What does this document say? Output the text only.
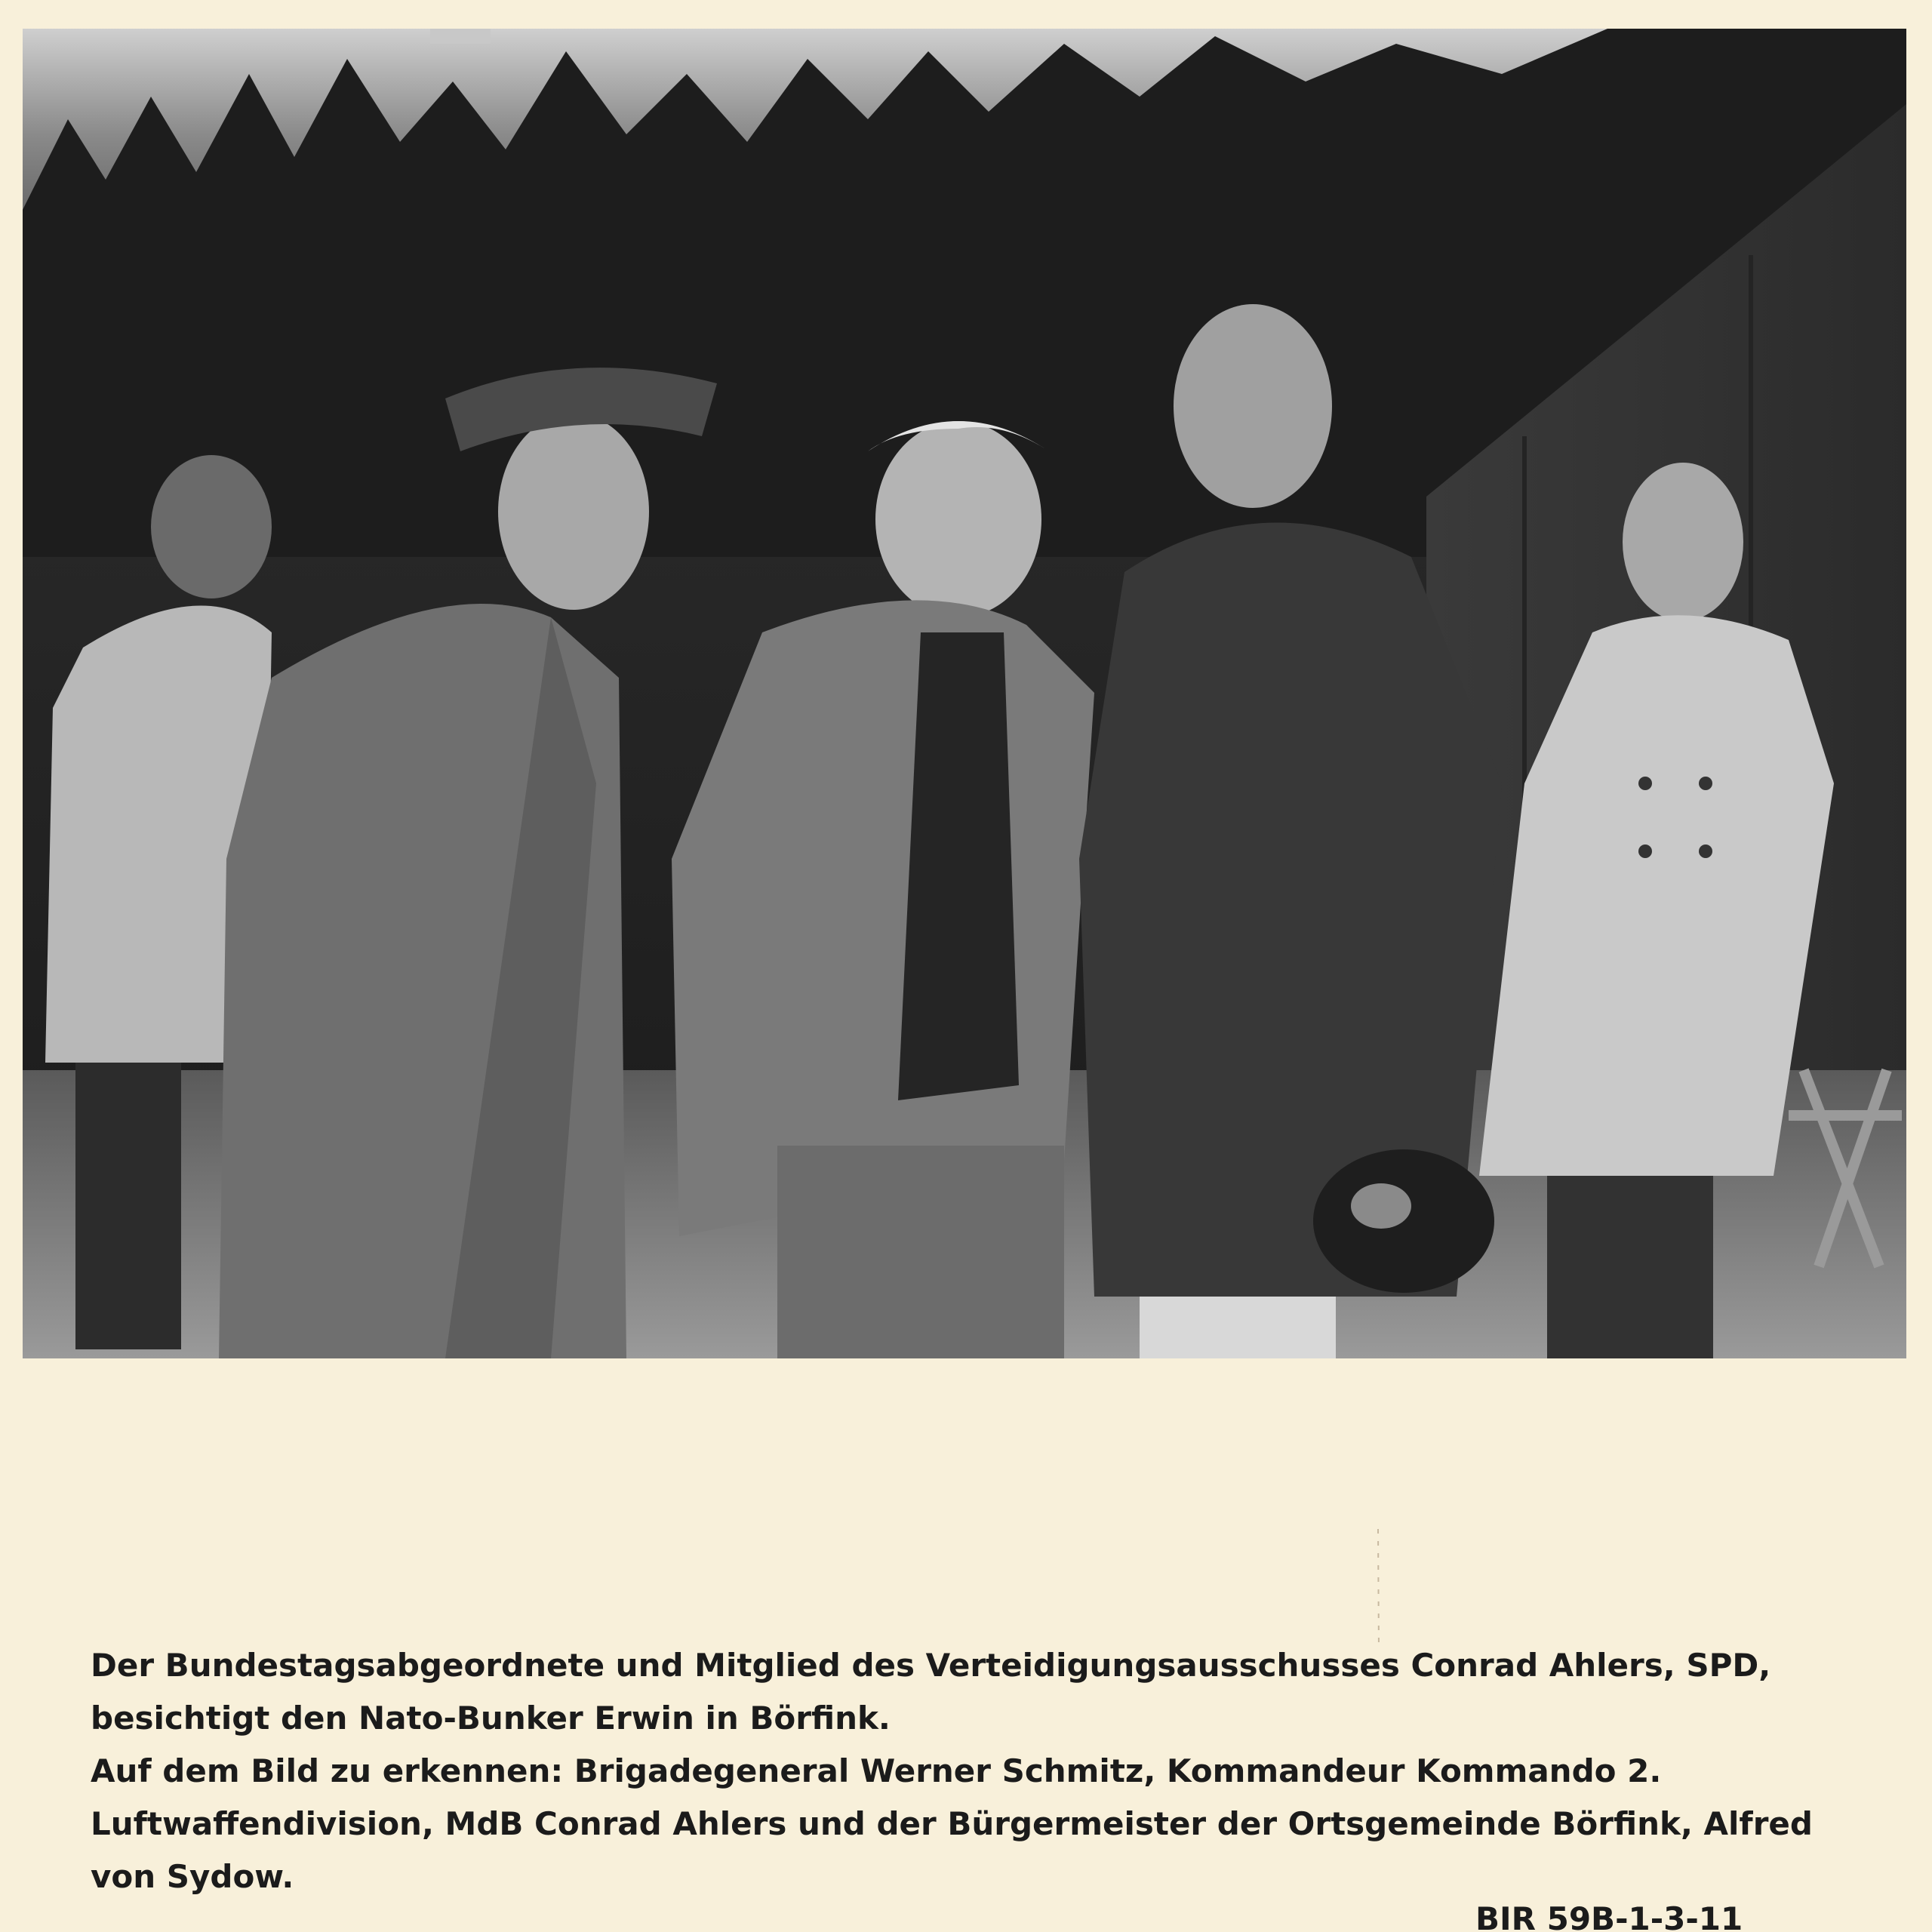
Der Bundestagsabgeordnete und Mitglied des Verteidigungsausschusses Conrad Ahlers, SPD,
besichtigt den Nato-Bunker Erwin in Börfink.
Auf dem Bild zu erkennen: Brigadegeneral Werner Schmitz, Kommandeur Kommando 2.
Luftwaffendivision, MdB Conrad Ahlers und der Bürgermeister der Ortsgemeinde Börfink, Alfred
von Sydow.
BIR 59B-1-3-11
